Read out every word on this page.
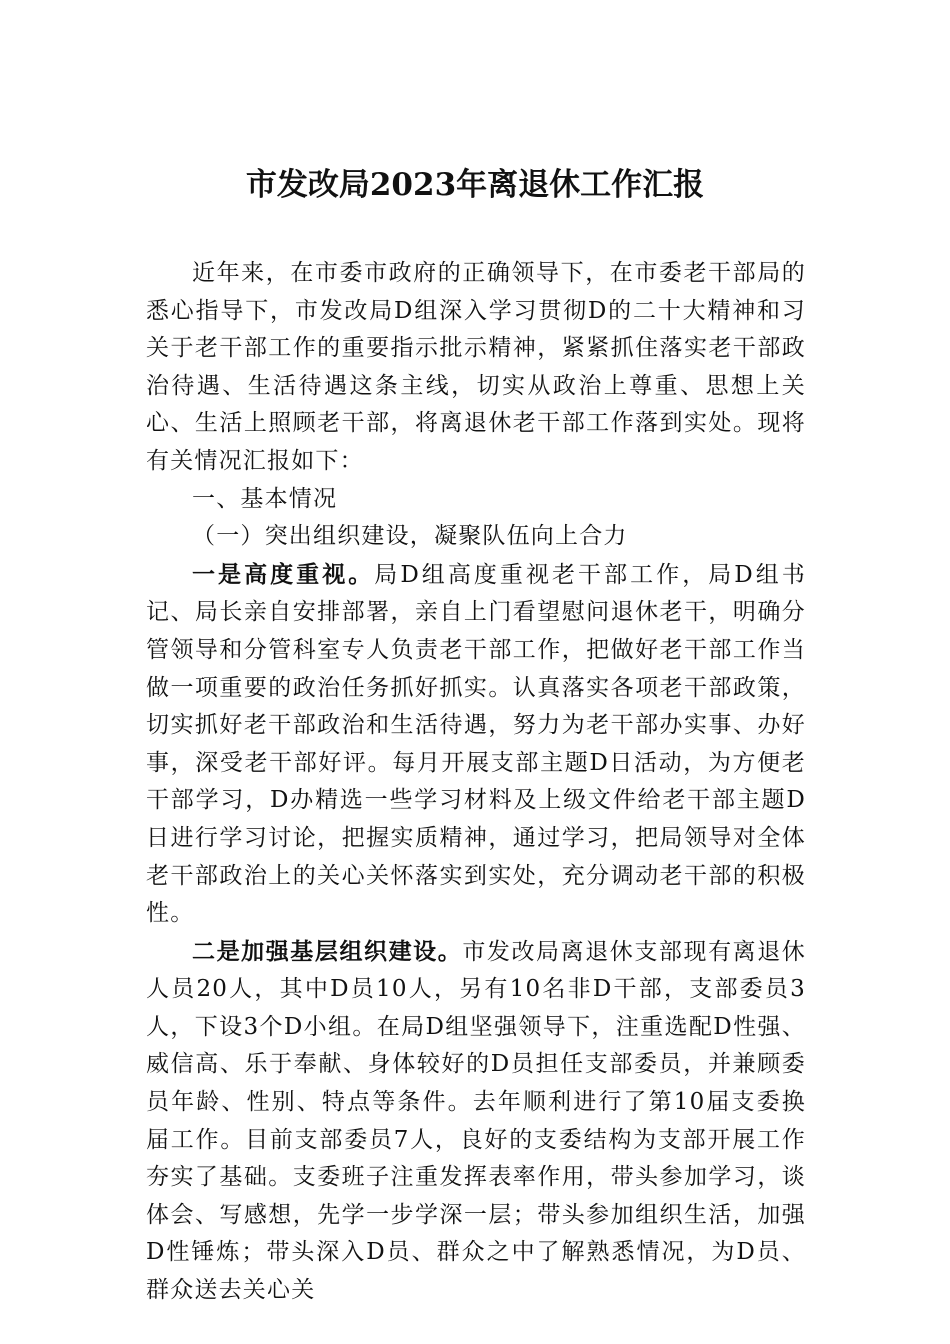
市发改局2023年离退休工作汇报

近年来，在市委市政府的正确领导下，在市委老干部局的悉心指导下，市发改局D组深入学习贯彻D的二十大精神和习关于老干部工作的重要指示批示精神，紧紧抓住落实老干部政治待遇、生活待遇这条主线，切实从政治上尊重、思想上关心、生活上照顾老干部，将离退休老干部工作落到实处。现将有关情况汇报如下：

一、基本情况

（一）突出组织建设，凝聚队伍向上合力

一是高度重视。局D组高度重视老干部工作，局D组书记、局长亲自安排部署，亲自上门看望慰问退休老干，明确分管领导和分管科室专人负责老干部工作，把做好老干部工作当做一项重要的政治任务抓好抓实。认真落实各项老干部政策，切实抓好老干部政治和生活待遇，努力为老干部办实事、办好事，深受老干部好评。每月开展支部主题D日活动，为方便老干部学习，D办精选一些学习材料及上级文件给老干部主题D日进行学习讨论，把握实质精神，通过学习，把局领导对全体老干部政治上的关心关怀落实到实处，充分调动老干部的积极性。

二是加强基层组织建设。市发改局离退休支部现有离退休人员20人，其中D员10人，另有10名非D干部，支部委员3人，下设3个D小组。在局D组坚强领导下，注重选配D性强、威信高、乐于奉献、身体较好的D员担任支部委员，并兼顾委员年龄、性别、特点等条件。去年顺利进行了第10届支委换届工作。目前支部委员7人，良好的支委结构为支部开展工作夯实了基础。支委班子注重发挥表率作用，带头参加学习，谈体会、写感想，先学一步学深一层；带头参加组织生活，加强D性锤炼；带头深入D员、群众之中了解熟悉情况，为D员、群众送去关心关
